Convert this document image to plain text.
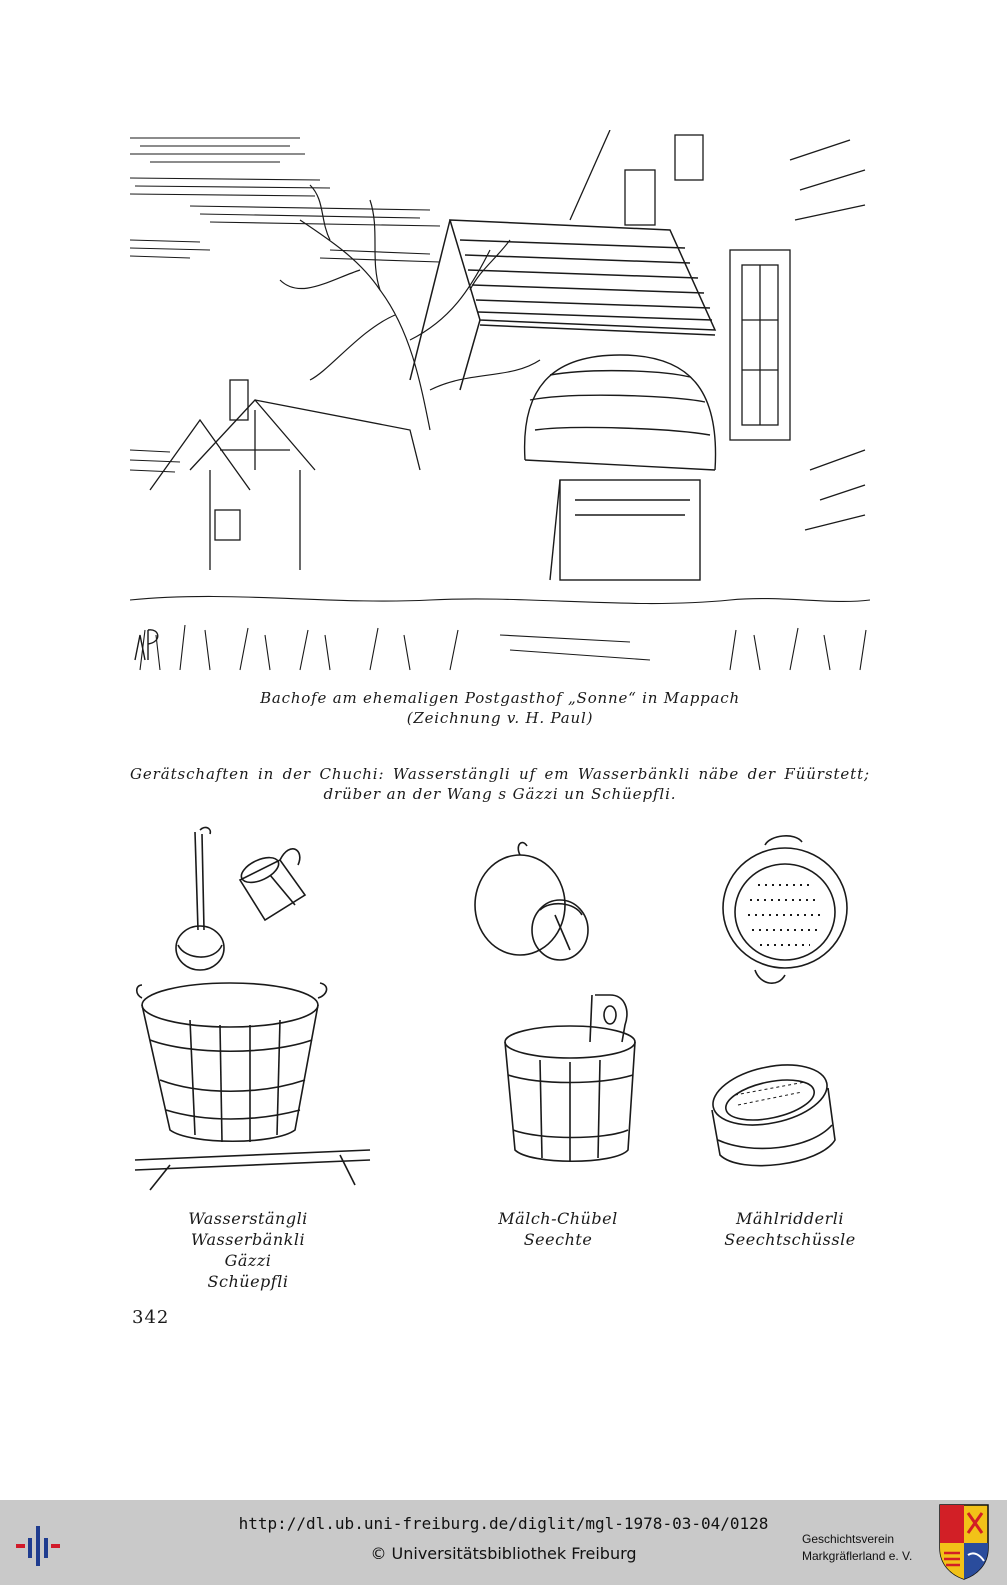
Bachofe am ehemaligen Postgasthof „Sonne“ in Mappach
(Zeichnung v. H. Paul)
Gerätschaften in der Chuchi: Wasserstängli uf em Wasserbänkli näbe der Füürstett;
drüber an der Wang s Gäzzi un Schüepfli.
Wasserstängli
Wasserbänkli
Gäzzi
Schüepfli
Mälch-Chübel
Seechte
Mählridderli
Seechtschüssle
342
http://dl.ub.uni-freiburg.de/diglit/mgl-1978-03-04/0128
© Universitätsbibliothek Freiburg
Geschichtsverein
Markgräflerland e. V.
